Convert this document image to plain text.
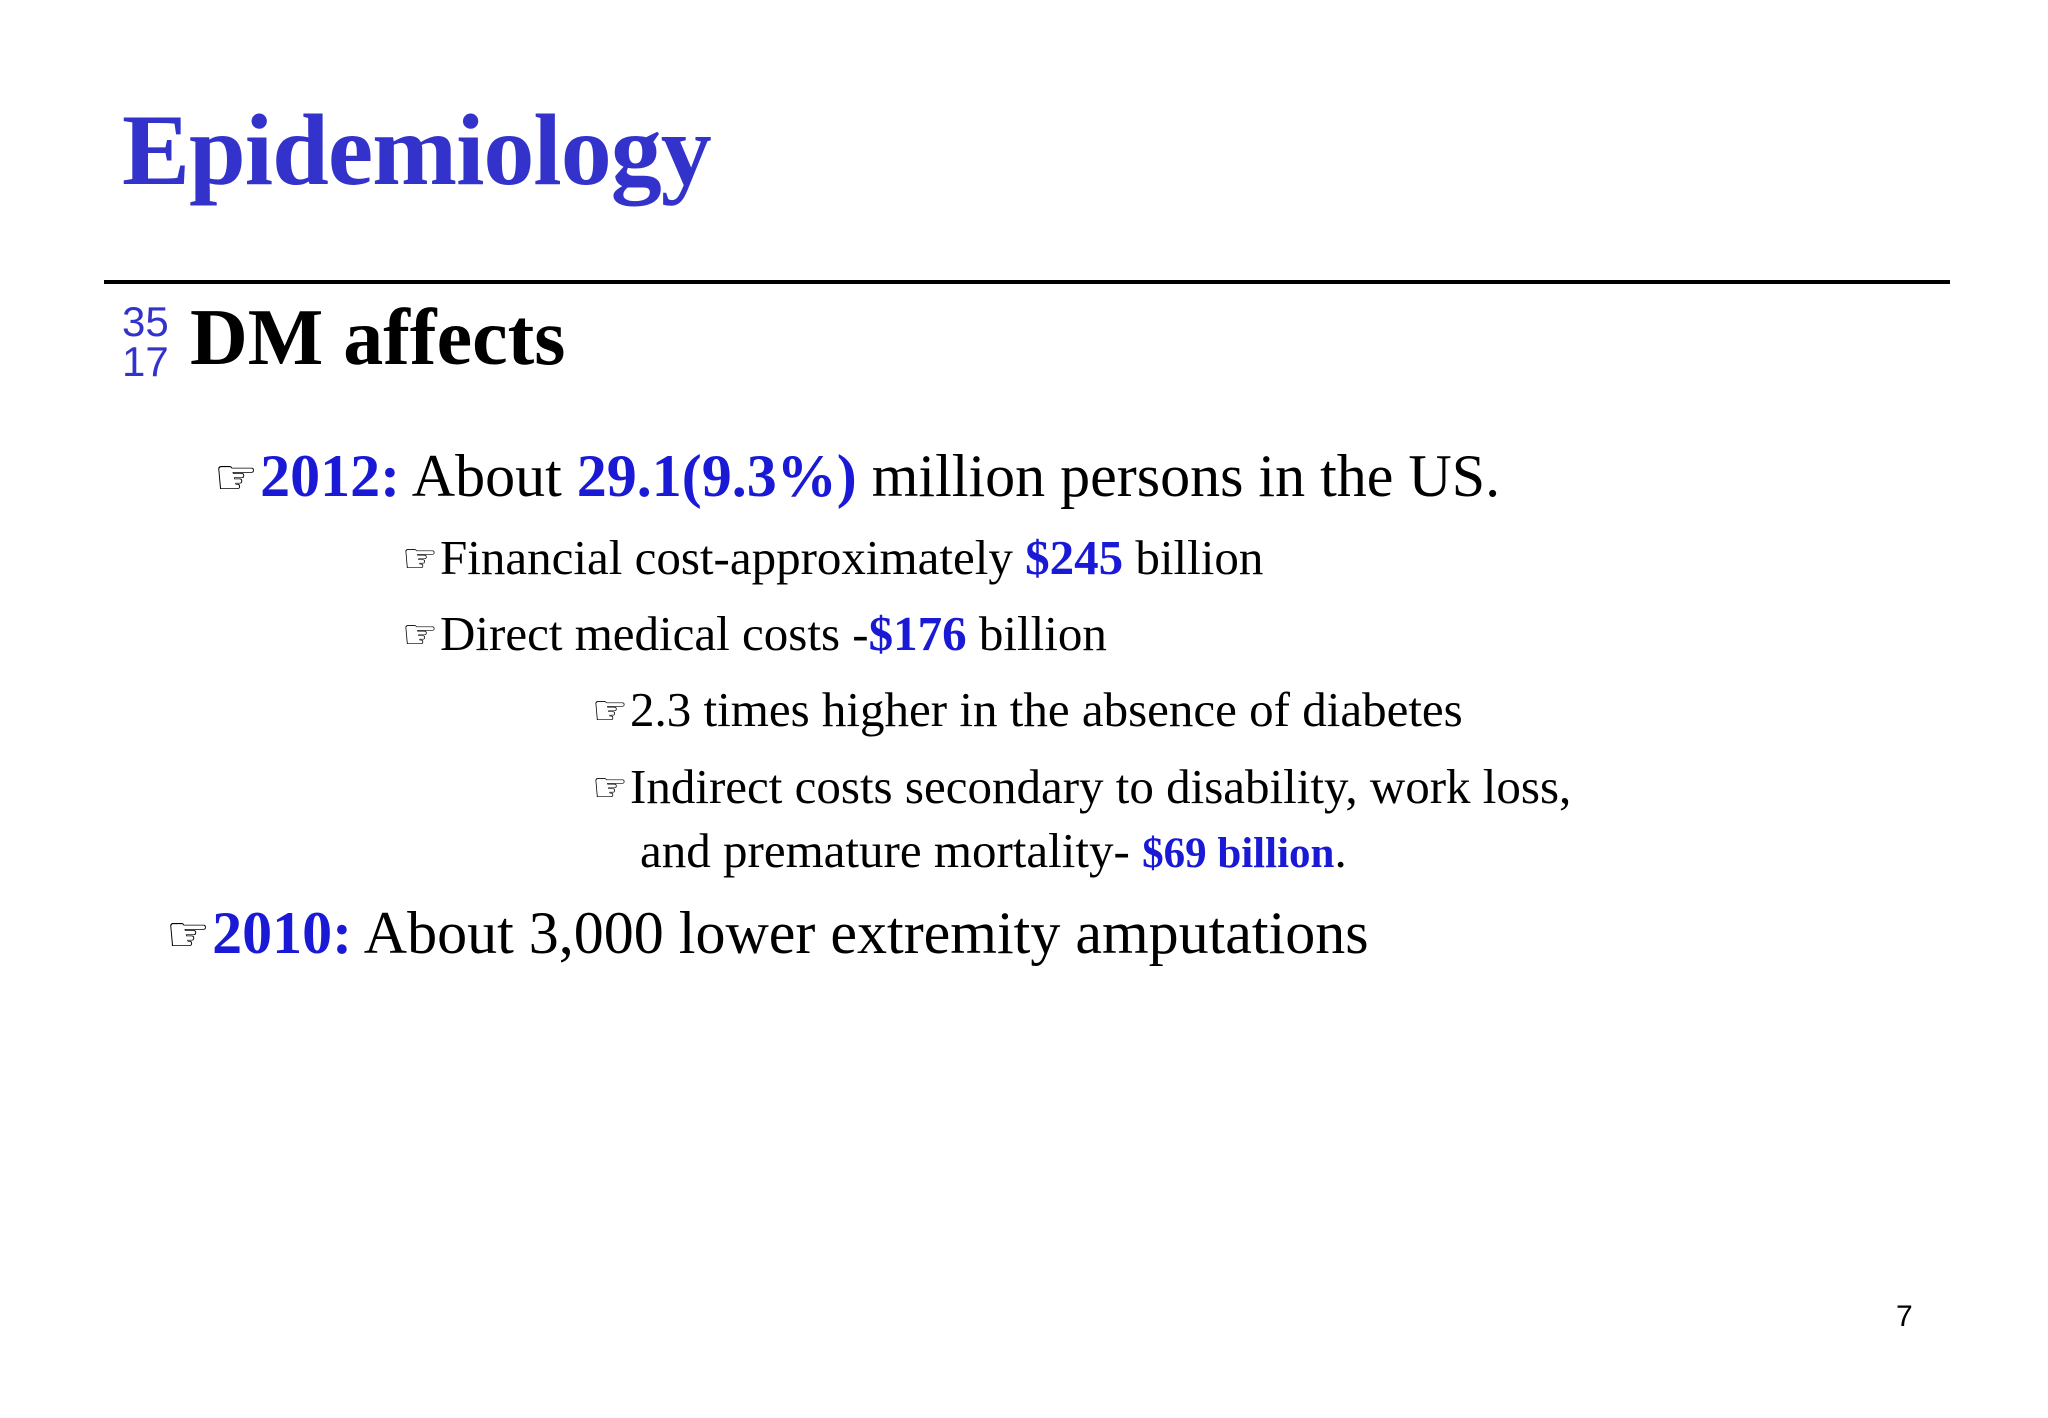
Epidemiology
35
17 DM affects
☜2012: About 29.1(9.3%) million persons in the US.
☜Financial cost-approximately $245 billion
☜Direct medical costs -$176 billion
☜2.3 times higher in the absence of diabetes
☜Indirect costs secondary to disability, work loss,
and premature mortality- $69 billion.
☜2010: About 3,000 lower extremity amputations
7
